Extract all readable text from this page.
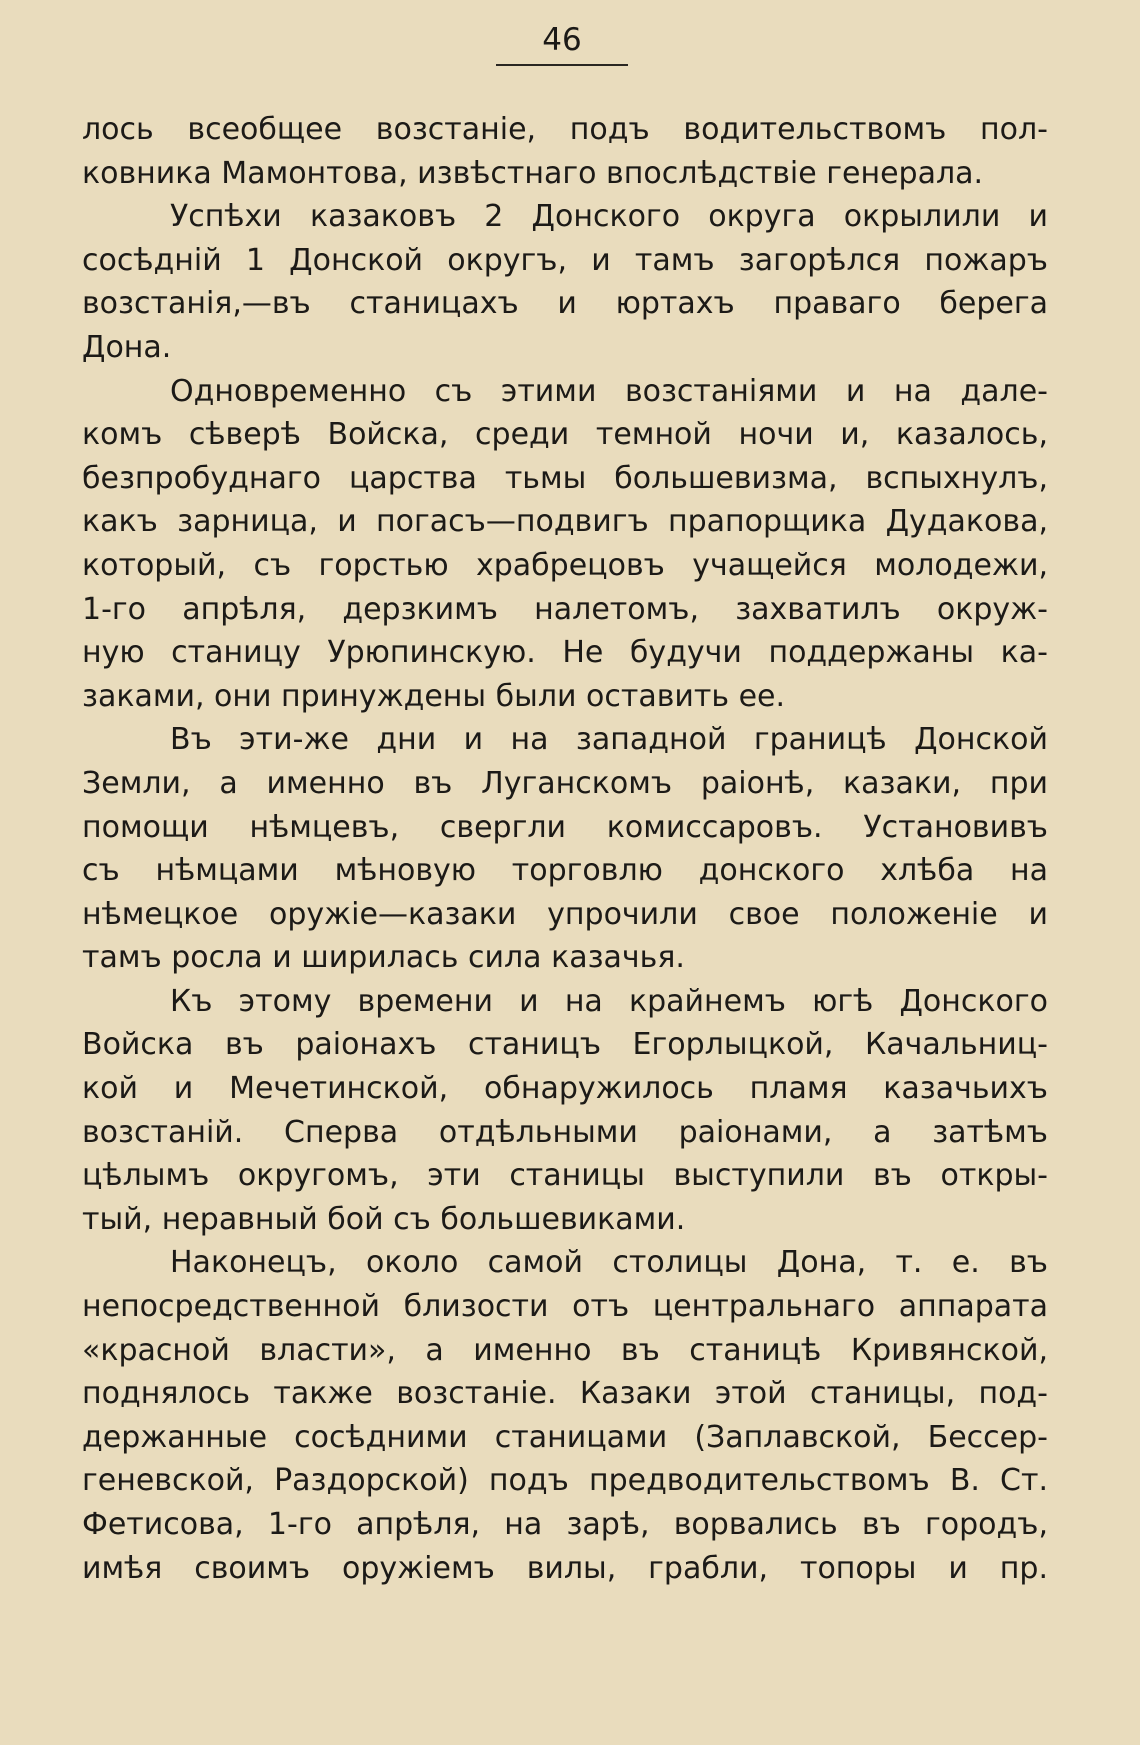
46
лось всеобщее возстаніе, подъ водительствомъ пол-
ковника Мамонтова, извѣстнаго впослѣдствіе генерала.
Успѣхи казаковъ 2 Донского округа окрылили и
сосѣдній 1 Донской округъ, и тамъ загорѣлся пожаръ
возстанія,—въ станицахъ и юртахъ праваго берега
Дона.
Одновременно съ этими возстаніями и на дале-
комъ сѣверѣ Войска, среди темной ночи и, казалось,
безпробуднаго царства тьмы большевизма, вспыхнулъ,
какъ зарница, и погасъ—подвигъ прапорщика Дудакова,
который, съ горстью храбрецовъ учащейся молодежи,
1-го апрѣля, дерзкимъ налетомъ, захватилъ окруж-
ную станицу Урюпинскую. Не будучи поддержаны ка-
заками, они принуждены были оставить ее.
Въ эти-же дни и на западной границѣ Донской
Земли, а именно въ Луганскомъ раіонѣ, казаки, при
помощи нѣмцевъ, свергли комиссаровъ. Установивъ
съ нѣмцами мѣновую торговлю донского хлѣба на
нѣмецкое оружіе—казаки упрочили свое положеніе и
тамъ росла и ширилась сила казачья.
Къ этому времени и на крайнемъ югѣ Донского
Войска въ раіонахъ станицъ Егорлыцкой, Качальниц-
кой и Мечетинской, обнаружилось пламя казачьихъ
возстаній. Сперва отдѣльными раіонами, а затѣмъ
цѣлымъ округомъ, эти станицы выступили въ откры-
тый, неравный бой съ большевиками.
Наконецъ, около самой столицы Дона, т. е. въ
непосредственной близости отъ центральнаго аппарата
«красной власти», а именно въ станицѣ Кривянской,
поднялось также возстаніе. Казаки этой станицы, под-
держанные сосѣдними станицами (Заплавской, Бессер-
геневской, Раздорской) подъ предводительствомъ В. Ст.
Фетисова, 1-го апрѣля, на зарѣ, ворвались въ городъ,
имѣя своимъ оружіемъ вилы, грабли, топоры и пр.
